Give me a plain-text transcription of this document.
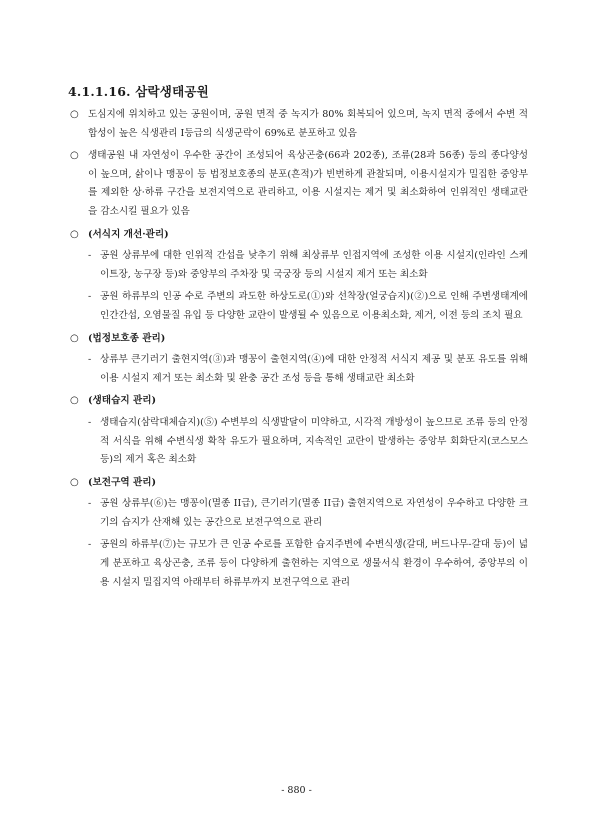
4.1.1.16. 삼락생태공원
○ 도심지에 위치하고 있는 공원이며, 공원 면적 중 녹지가 80% 회복되어 있으며, 녹지 면적 중에서 수변 적합성이 높은 식생관리 I등급의 식생군락이 69%로 분포하고 있음
○ 생태공원 내 자연성이 우수한 공간이 조성되어 육상곤충(66과 202종), 조류(28과 56종) 등의 종다양성이 높으며, 삵이나 맹꽁이 등 법정보호종의 분포(흔적)가 빈번하게 관찰되며, 이용시설지가 밀집한 중앙부를 제외한 상·하류 구간을 보전지역으로 관리하고, 이용 시설지는 제거 및 최소화하여 인위적인 생태교란을 감소시킬 필요가 있음
○ (서식지 개선·관리)
- 공원 상류부에 대한 인위적 간섭을 낮추기 위해 최상류부 인접지역에 조성한 이용 시설지(인라인 스케이트장, 농구장 등)와 중앙부의 주차장 및 국궁장 등의 시설지 제거 또는 최소화
- 공원 하류부의 인공 수로 주변의 과도한 하상도로(①)와 선착장(얼궁습지)(②)으로 인해 주변생태계에 인간간섭, 오염물질 유입 등 다양한 교란이 발생될 수 있음으로 이용최소화, 제거, 이전 등의 조치 필요
○ (법정보호종 관리)
- 상류부 큰기러기 출현지역(③)과 맹꽁이 출현지역(④)에 대한 안정적 서식지 제공 및 분포 유도를 위해 이용 시설지 제거 또는 최소화 및 완충 공간 조성 등을 통해 생태교란 최소화
○ (생태습지 관리)
- 생태습지(삼락대체습지)(⑤) 수변부의 식생발달이 미약하고, 시각적 개방성이 높으므로 조류 등의 안정적 서식을 위해 수변식생 확착 유도가 필요하며, 지속적인 교란이 발생하는 중앙부 회화단지(코스모스 등)의 제거 혹은 최소화
○ (보전구역 관리)
- 공원 상류부(⑥)는 맹꽁이(멸종 II급), 큰기러기(멸종 II급) 출현지역으로 자연성이 우수하고 다양한 크기의 습지가 산재해 있는 공간으로 보전구역으로 관리
- 공원의 하류부(⑦)는 규모가 큰 인공 수로를 포함한 습지주변에 수변식생(갈대, 버드나무-갈대 등)이 넓게 분포하고 육상곤충, 조류 등이 다양하게 출현하는 지역으로 생물서식 환경이 우수하여, 중앙부의 이용 시설지 밀집지역 아래부터 하류부까지 보전구역으로 관리
- 880 -
